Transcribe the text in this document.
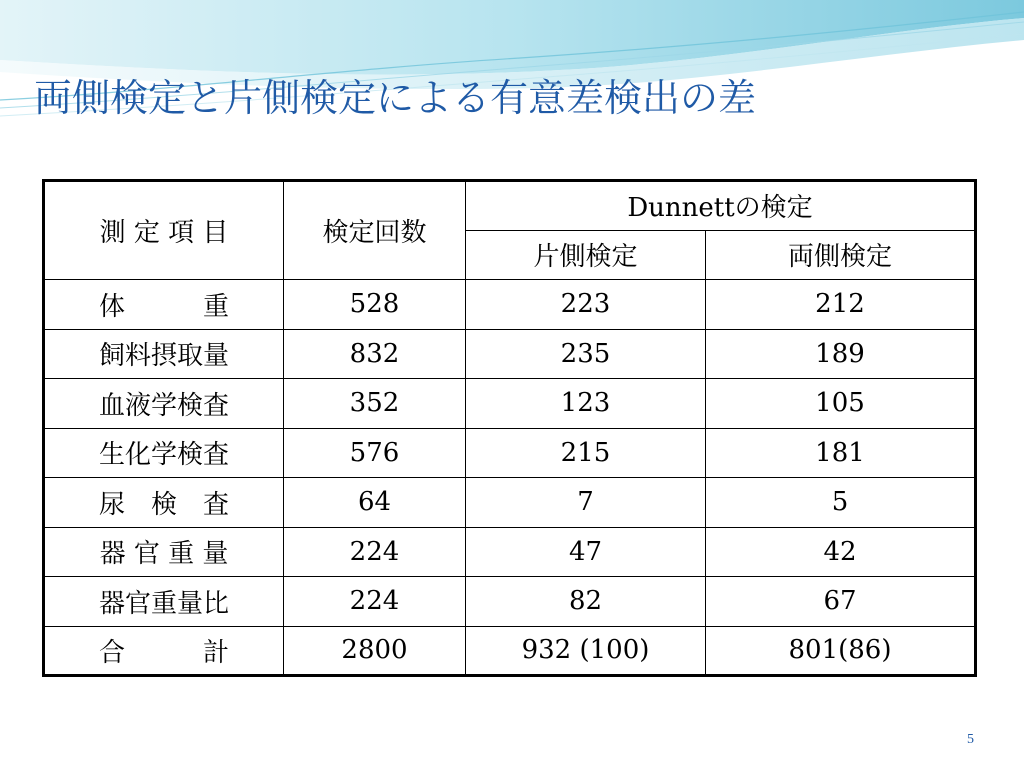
両側検定と片側検定による有意差検出の差
測 定 項 目	検定回数	Dunnettの検定	
		片側検定	両側検定
体　　　重	528	223	212
飼料摂取量	832	235	189
血液学検査	352	123	105
生化学検査	576	215	181
尿　検　査	64	7	5
器 官 重 量	224	47	42
器官重量比	224	82	67
合　　　計	2800	932 (100)	801(86)
5
